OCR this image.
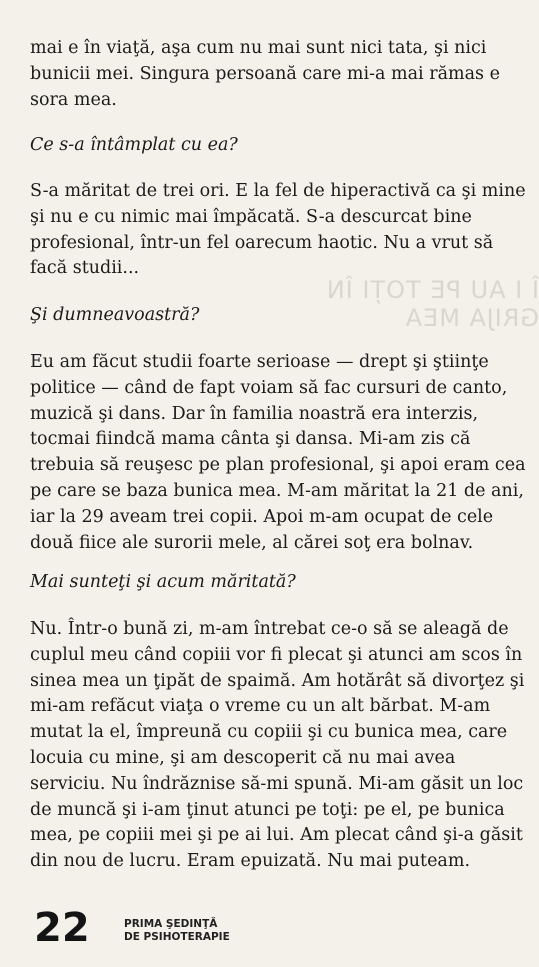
Î I AU PE TOȚI ÎN GRIJA MEA

mai e în viaţă, aşa cum nu mai sunt nici tata, şi nici bunicii mei. Singura persoană care mi-a mai rămas e sora mea.

Ce s-a întâmplat cu ea?

S-a măritat de trei ori. E la fel de hiperactivă ca şi mine şi nu e cu nimic mai împăcată. S-a descurcat bine profesional, într-un fel oarecum haotic. Nu a vrut să facă studii...

Şi dumneavoastră?

Eu am făcut studii foarte serioase — drept şi ştiinţe politice — când de fapt voiam să fac cursuri de canto, muzică şi dans. Dar în familia noastră era interzis, tocmai fiindcă mama cânta şi dansa. Mi-am zis că trebuia să reuşesc pe plan profesional, şi apoi eram cea pe care se baza bunica mea. M-am măritat la 21 de ani, iar la 29 aveam trei copii. Apoi m-am ocupat de cele două fiice ale surorii mele, al cărei soţ era bolnav.

Mai sunteţi şi acum măritată?

Nu. Într-o bună zi, m-am întrebat ce-o să se aleagă de cuplul meu când copiii vor fi plecat şi atunci am scos în sinea mea un ţipăt de spaimă. Am hotărât să divorţez şi mi-am refăcut viaţa o vreme cu un alt bărbat. M-am mutat la el, împreună cu copiii şi cu bunica mea, care locuia cu mine, şi am descoperit că nu mai avea serviciu. Nu îndrăznise să-mi spună. Mi-am găsit un loc de muncă şi i-am ţinut atunci pe toţi: pe el, pe bunica mea, pe copiii mei şi pe ai lui. Am plecat când şi-a găsit din nou de lucru. Eram epuizată. Nu mai puteam.

22	PRIMA ŞEDINŢĂ
DE PSIHOTERAPIE
